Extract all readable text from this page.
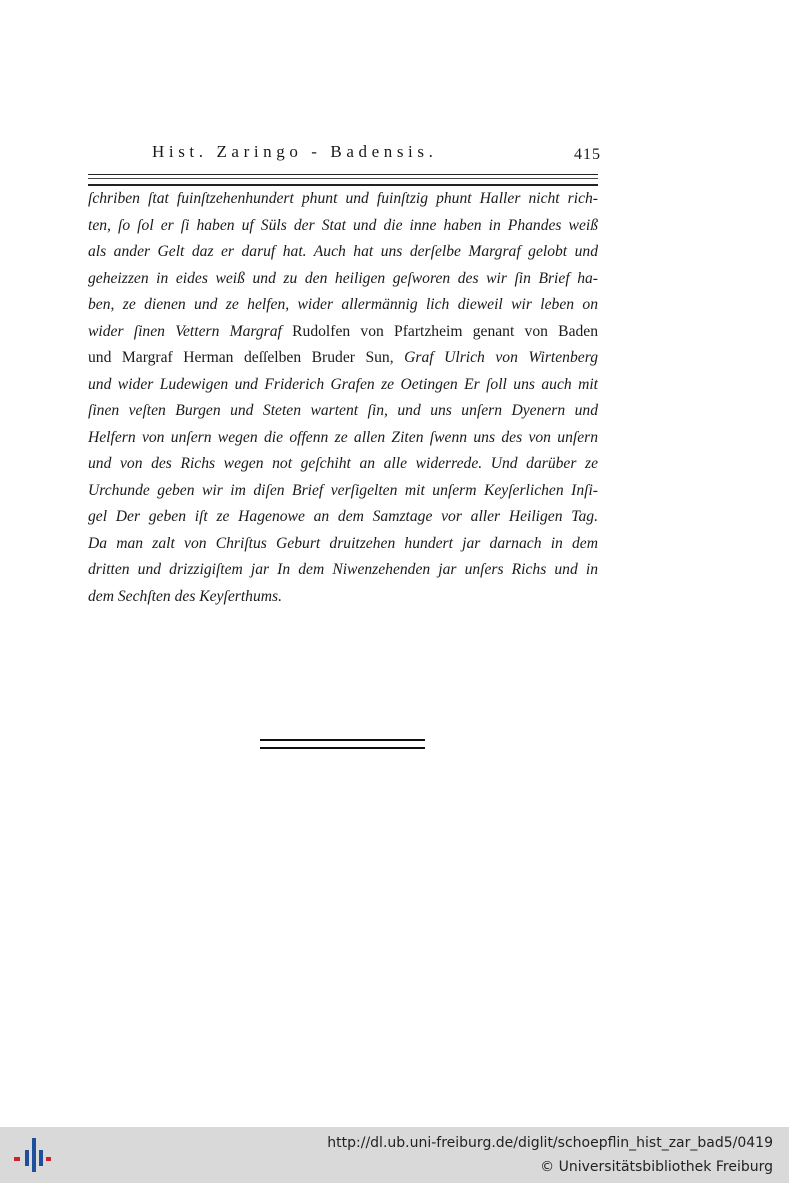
Hist. Zaringo - Badensis.	415
ſchriben ſtat fuinſtzehenhundert phunt und fuinſtzig phunt Haller nicht rich-
ten, ſo ſol er ſi haben uf Süls der Stat und die inne haben in Phandes weiß
als ander Gelt daz er daruf hat. Auch hat uns derſelbe Margraf gelobt und
geheizzen in eides weiß und zu den heiligen geſworen des wir ſin Brief ha-
ben, ze dienen und ze helfen, wider allermännig lich dieweil wir leben on
wider ſinen Vettern Margraf Rudolfen von Pfartzheim genant von Baden
und Margraf Herman deſſelben Bruder Sun, Graf Ulrich von Wirtenberg
und wider Ludewigen und Friderich Grafen ze Oetingen Er ſoll uns auch mit
ſinen veſten Burgen und Steten wartent ſin, und uns unſern Dyenern und
Helfern von unſern wegen die offenn ze allen Ziten ſwenn uns des von unſern
und von des Richs wegen not geſchiht an alle widerrede. Und darüber ze
Urchunde geben wir im diſen Brief verſigelten mit unſerm Keyſerlichen Inſi-
gel Der geben iſt ze Hagenowe an dem Samztage vor aller Heiligen Tag.
Da man zalt von Chriſtus Geburt druitzehen hundert jar darnach in dem
dritten und drizzigiſtem jar In dem Niwenzehenden jar unſers Richs und in
dem Sechſten des Keyſerthums.
http://dl.ub.uni-freiburg.de/diglit/schoepflin_hist_zar_bad5/0419
© Universitätsbibliothek Freiburg
